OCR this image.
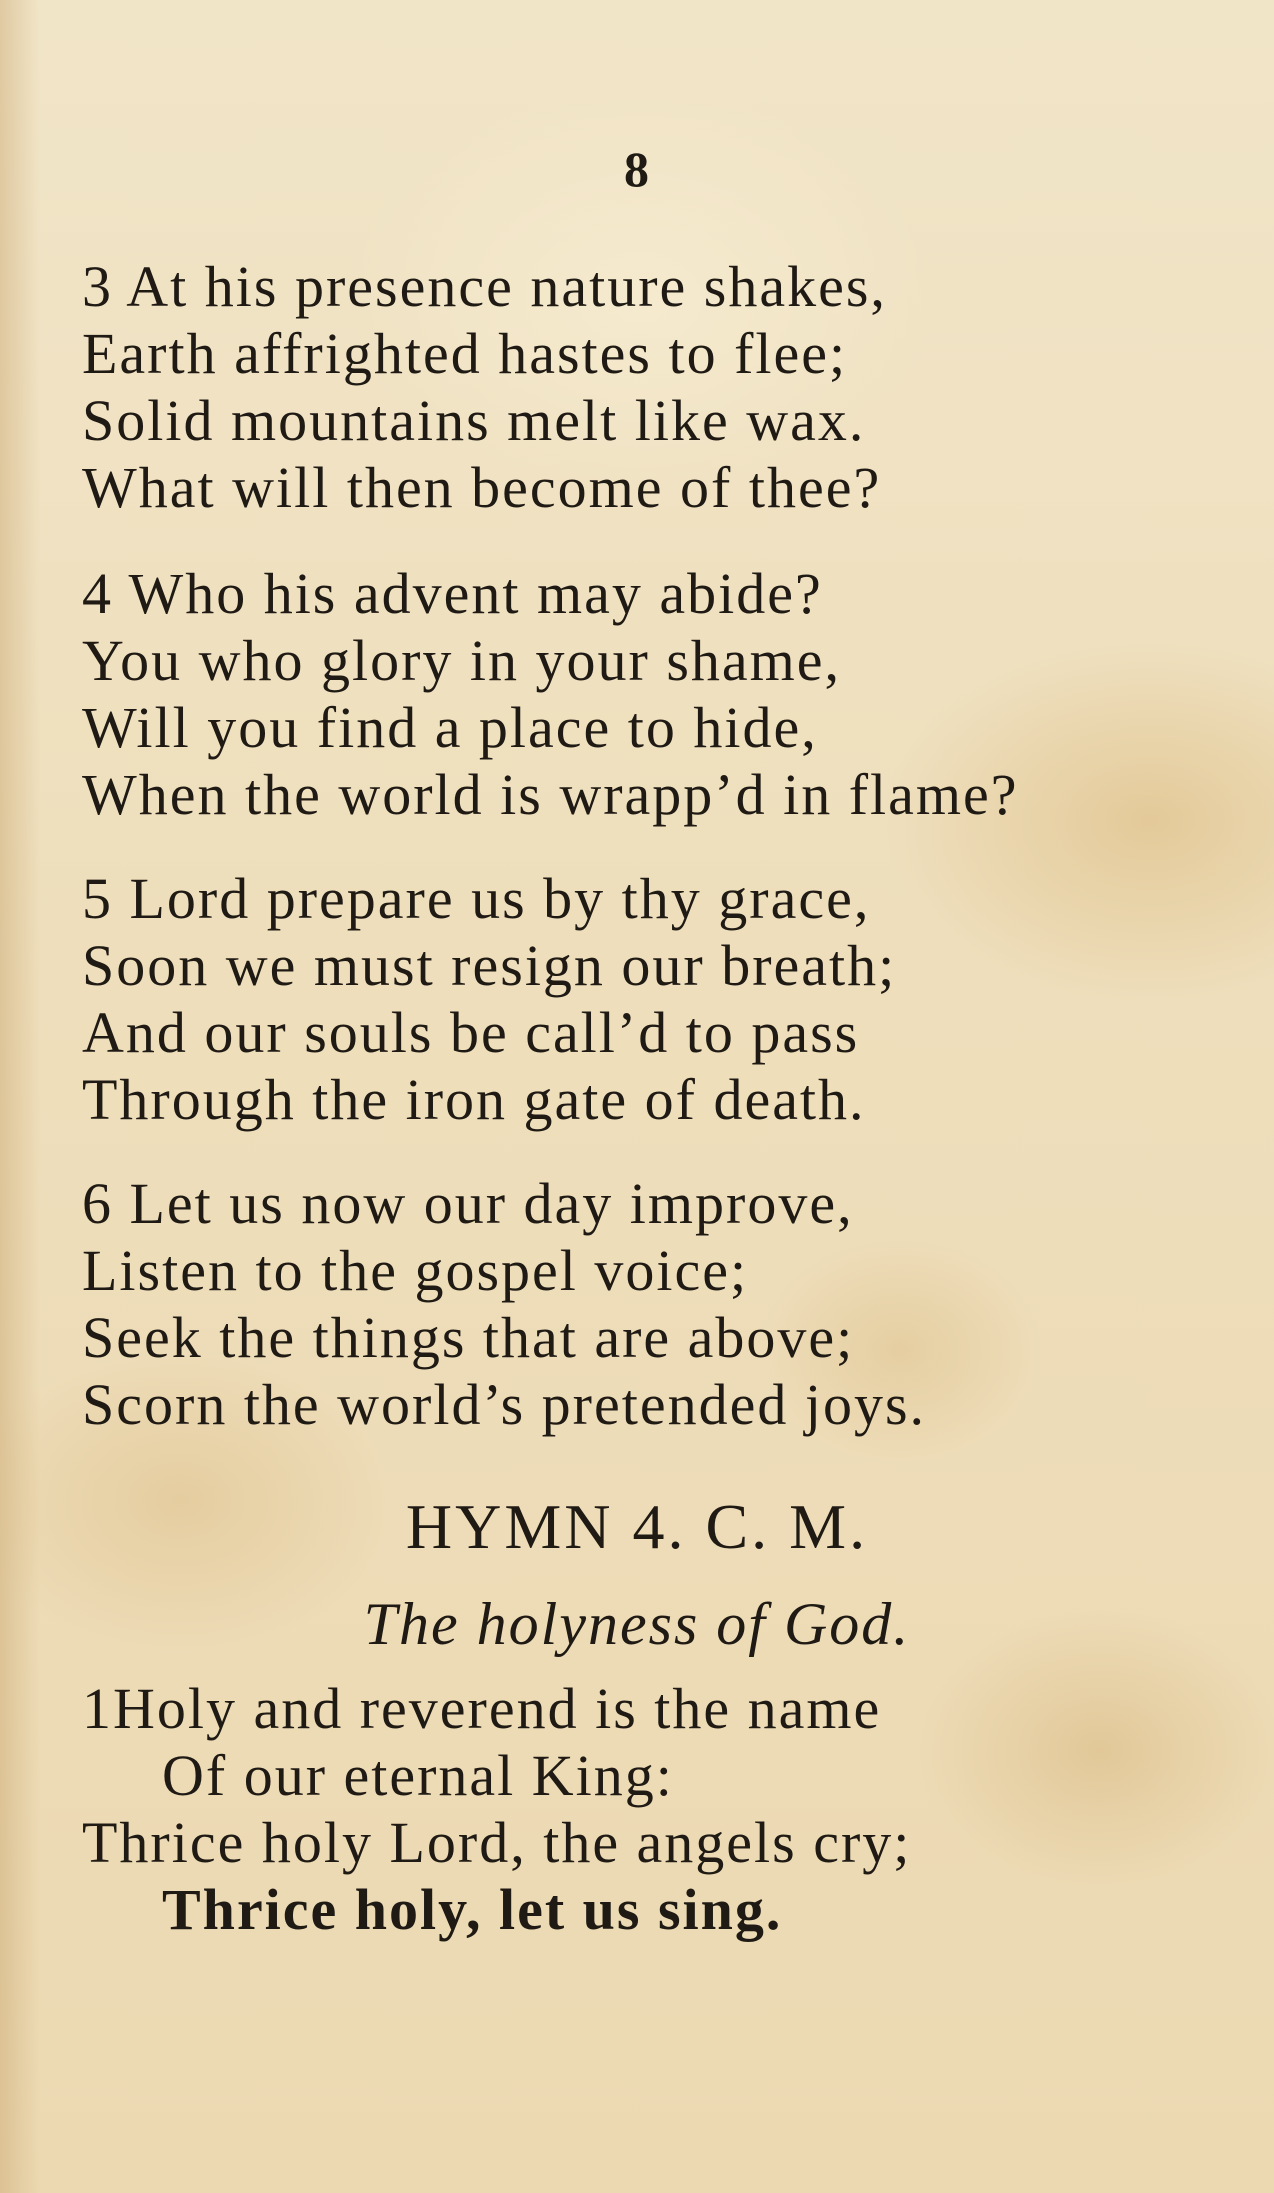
8
3 At his presence nature shakes,
Earth affrighted hastes to flee;
Solid mountains melt like wax.
What will then become of thee?
4 Who his advent may abide?
You who glory in your shame,
Will you find a place to hide,
When the world is wrapp’d in flame?
5 Lord prepare us by thy grace,
Soon we must resign our breath;
And our souls be call’d to pass
Through the iron gate of death.
6 Let us now our day improve,
Listen to the gospel voice;
Seek the things that are above;
Scorn the world’s pretended joys.
HYMN 4. C. M.
The holyness of God.
1Holy and reverend is the name
Of our eternal King:
Thrice holy Lord, the angels cry;
Thrice holy, let us sing.
